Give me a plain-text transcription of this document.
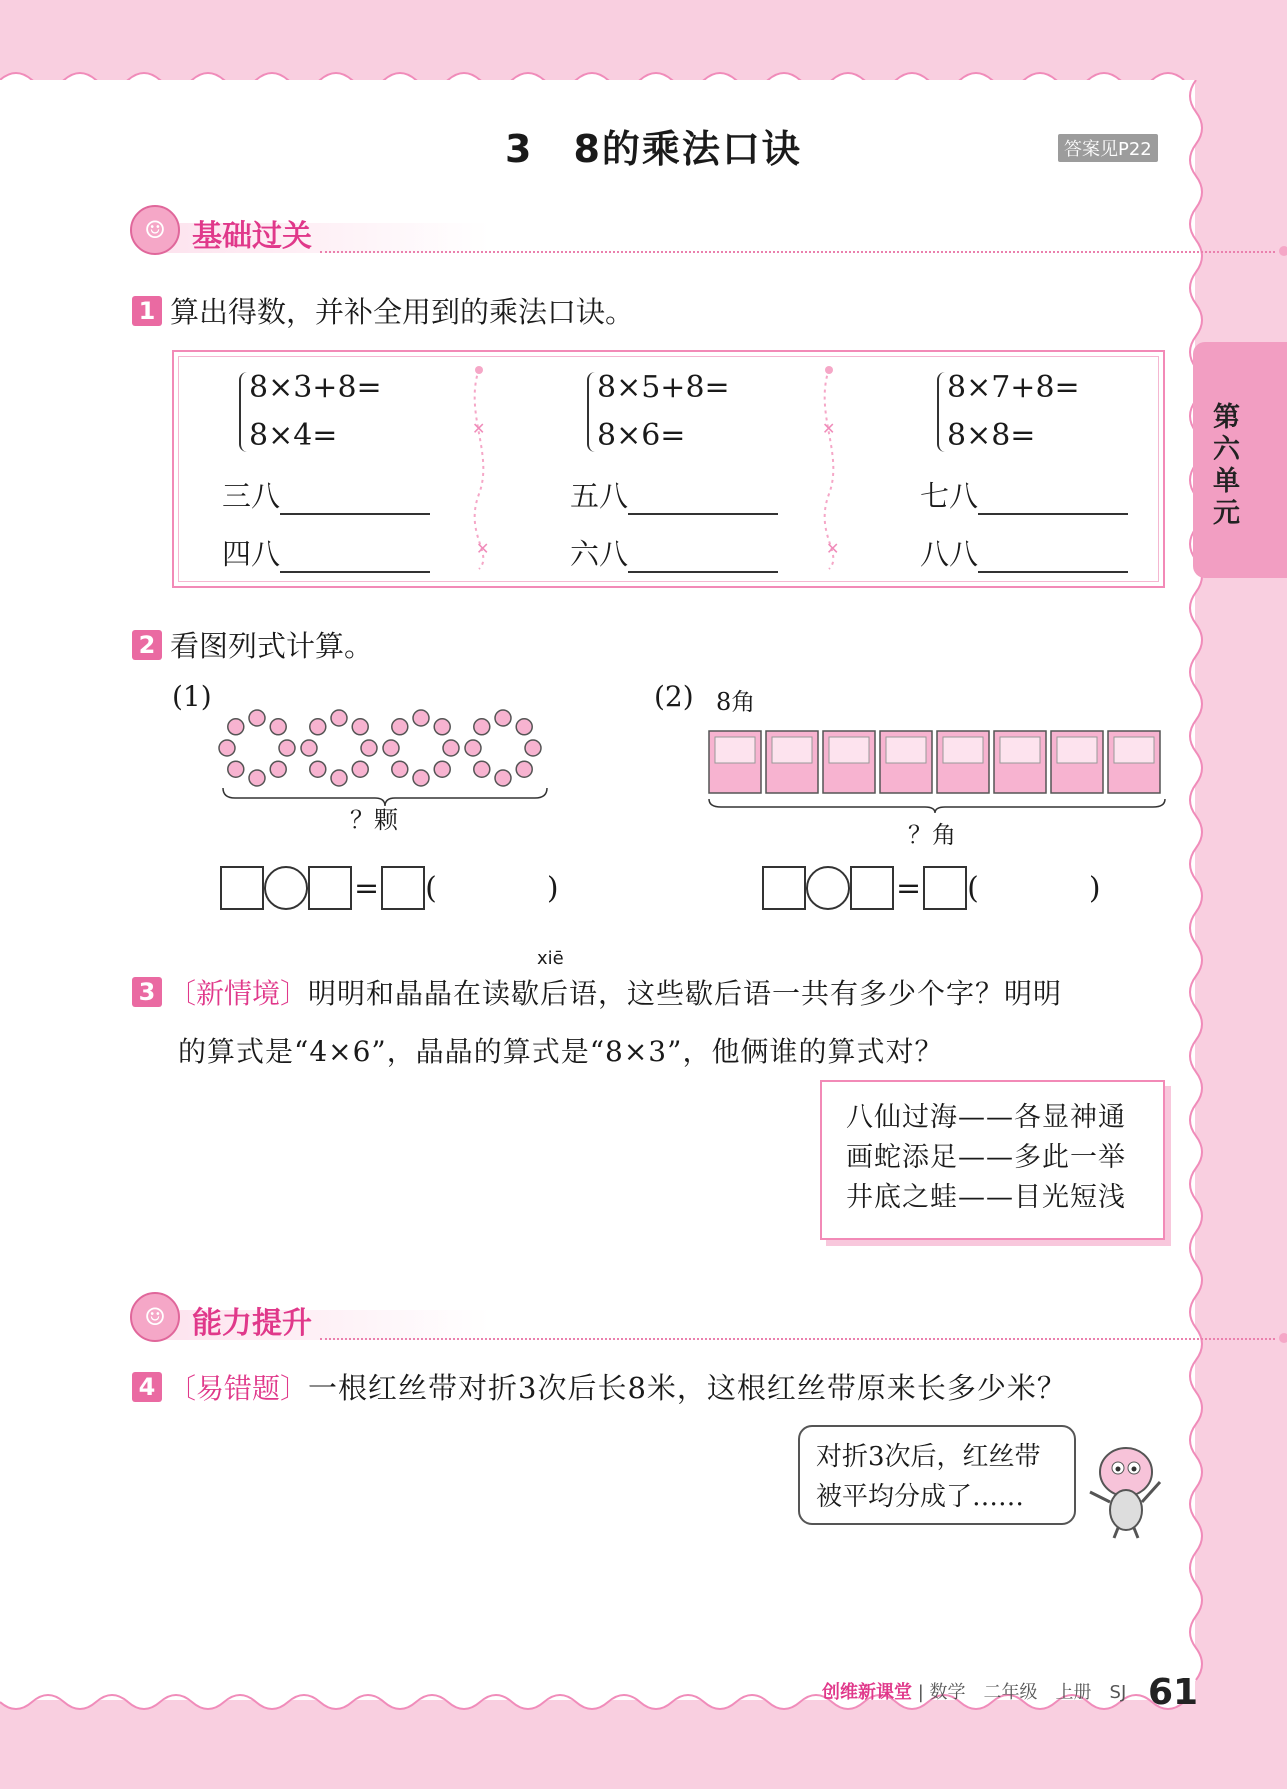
3　8的乘法口诀	答案见P22
第六单元
☺ 基础过关
1 算出得数，并补全用到的乘法口诀。
8×3+8=
8×4=
三八
四八
✕
✕
8×5+8=
8×6=
五八
六八
✕
✕
8×7+8=
8×8=
七八
八八
2 看图列式计算。
(1)
？颗
= (	)
(2) 8角
？角
= (	)
xiē
3 〔新情境〕明明和晶晶在读歇后语，这些歇后语一共有多少个字？明明
的算式是“4×6”，晶晶的算式是“8×3”，他俩谁的算式对？
八仙过海——各显神通
画蛇添足——多此一举
井底之蛙——目光短浅
☺ 能力提升
4 〔易错题〕一根红丝带对折3次后长8米，这根红丝带原来长多少米？
对折3次后，红丝带
被平均分成了……
创维新课堂 | 数学　二年级　上册　SJ 61
